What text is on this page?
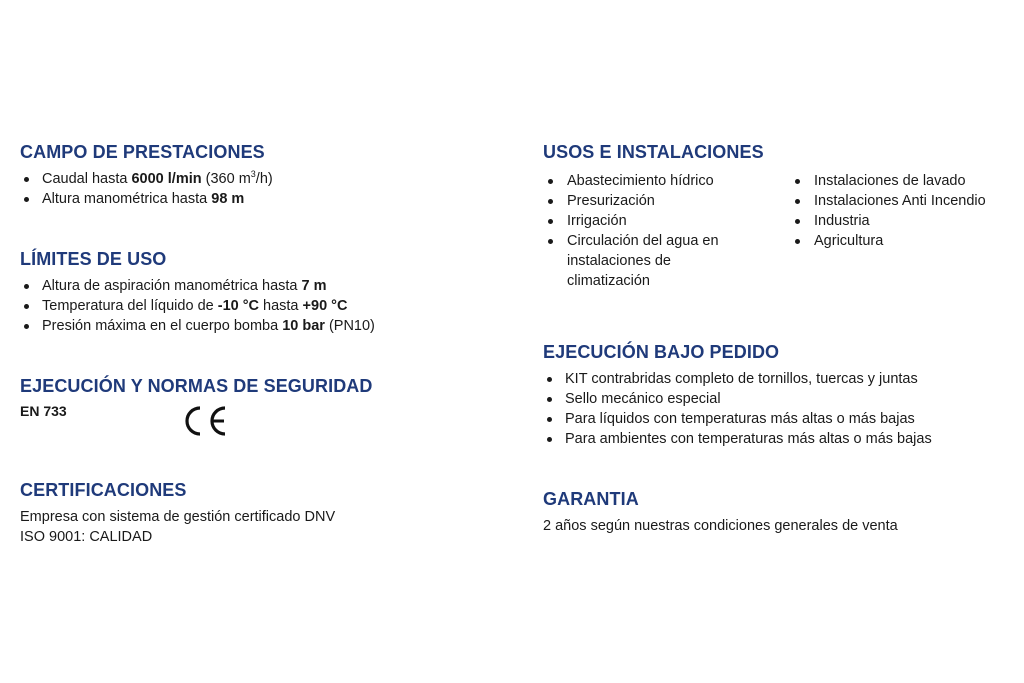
CAMPO DE PRESTACIONES
Caudal hasta 6000 l/min (360 $m^3/h$)
Altura manométrica hasta 98 m
LÍMITES DE USO
Altura de aspiración manométrica hasta 7 m
Temperatura del líquido de -10 °C hasta +90 °C
Presión máxima en el cuerpo bomba 10 bar (PN10)
EJECUCIÓN Y NORMAS DE SEGURIDAD
EN 733
CERTIFICACIONES
Empresa con sistema de gestión certificado DNV
ISO 9001: CALIDAD
USOS E INSTALACIONES
Abastecimiento hídrico
Presurización
Irrigación
Circulación del agua en instalaciones de climatización
Instalaciones de lavado
Instalaciones Anti Incendio
Industria
Agricultura
EJECUCIÓN BAJO PEDIDO
KIT contrabridas completo de tornillos, tuercas y juntas
Sello mecánico especial
Para líquidos con temperaturas más altas o más bajas
Para ambientes con temperaturas más altas o más bajas
GARANTIA
2 años según nuestras condiciones generales de venta
